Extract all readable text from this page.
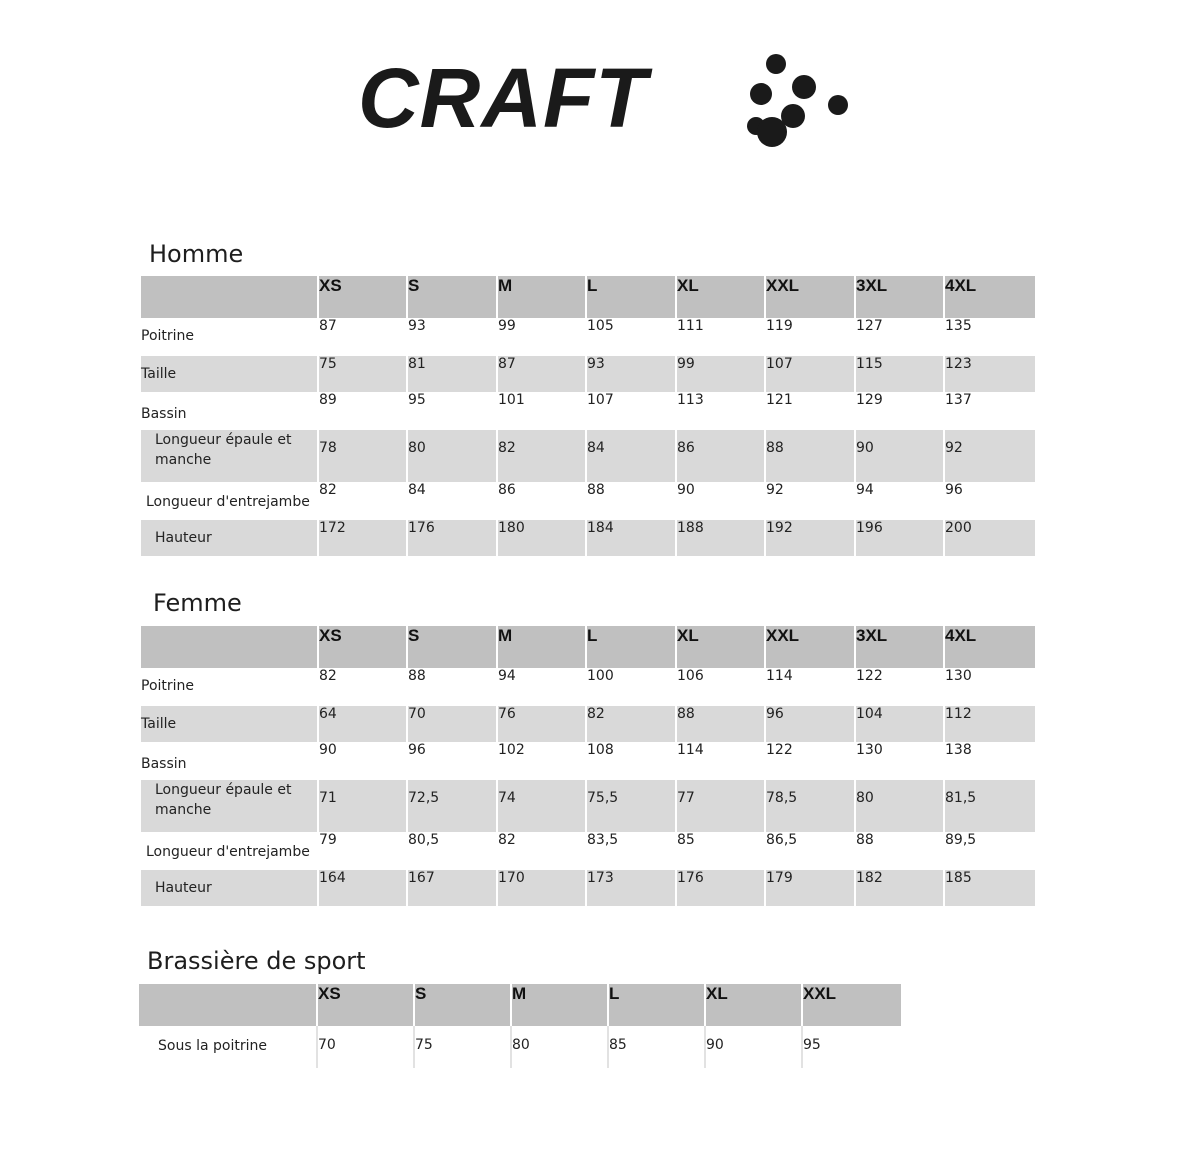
CRAFT
Homme
	XS	S	M	L	XL	XXL	3XL	4XL
Poitrine	87	93	99	105	111	119	127	135
Taille	75	81	87	93	99	107	115	123
Bassin	89	95	101	107	113	121	129	137
Longueur épaule et manche	78	80	82	84	86	88	90	92
Longueur d'entrejambe	82	84	86	88	90	92	94	96
Hauteur	172	176	180	184	188	192	196	200
Femme
	XS	S	M	L	XL	XXL	3XL	4XL
Poitrine	82	88	94	100	106	114	122	130
Taille	64	70	76	82	88	96	104	112
Bassin	90	96	102	108	114	122	130	138
Longueur épaule et manche	71	72,5	74	75,5	77	78,5	80	81,5
Longueur d'entrejambe	79	80,5	82	83,5	85	86,5	88	89,5
Hauteur	164	167	170	173	176	179	182	185
Brassière de sport
	XS	S	M	L	XL	XXL
Sous la poitrine	70	75	80	85	90	95
